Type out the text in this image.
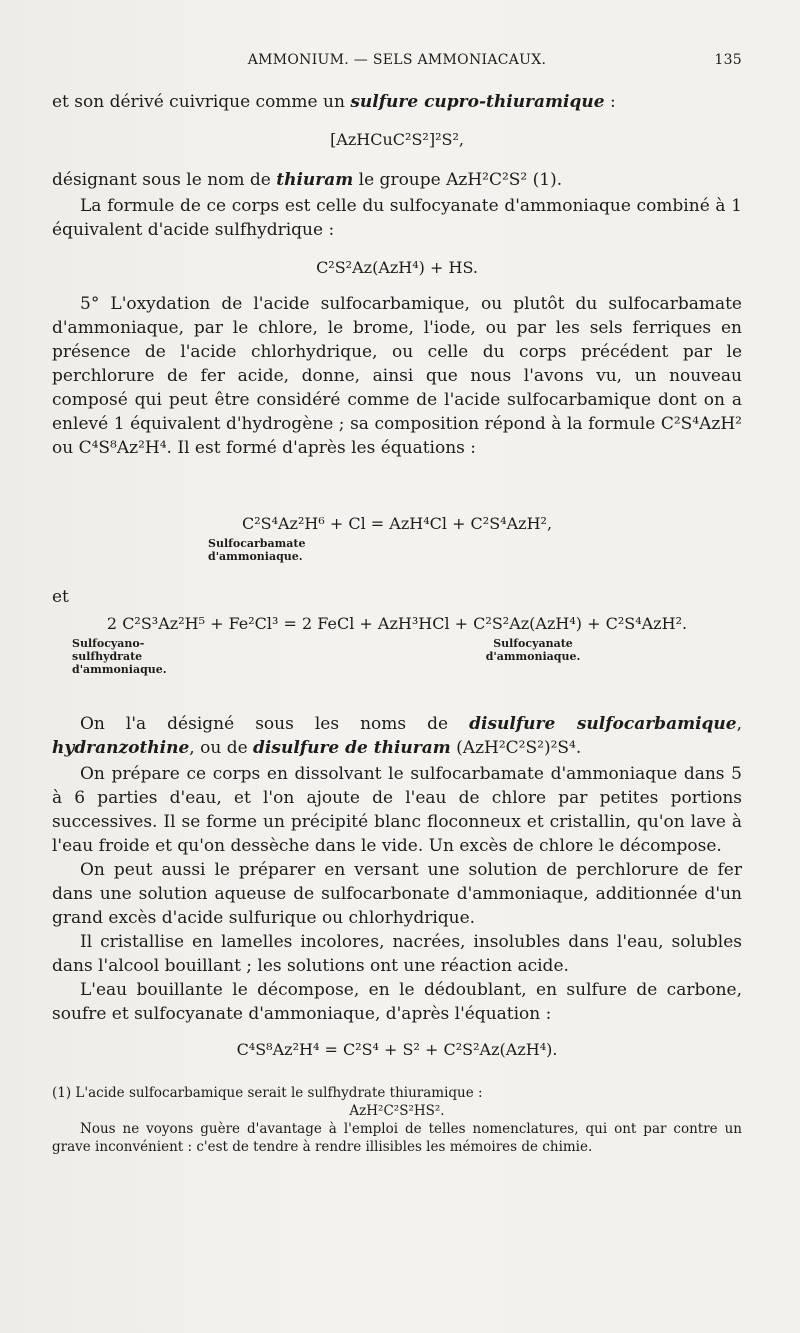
AMMONIUM. — SELS AMMONIACAUX.	135
et son dérivé cuivrique comme un sulfure cupro-thiuramique :
[AzHCuC²S²]²S²,
désignant sous le nom de thiuram le groupe AzH²C²S² (1).
La formule de ce corps est celle du sulfocyanate d'ammoniaque combiné à 1 équivalent d'acide sulfhydrique :
C²S²Az(AzH⁴) + HS.
5° L'oxydation de l'acide sulfocarbamique, ou plutôt du sulfocarbamate d'ammoniaque, par le chlore, le brome, l'iode, ou par les sels ferriques en présence de l'acide chlorhydrique, ou celle du corps précédent par le perchlorure de fer acide, donne, ainsi que nous l'avons vu, un nouveau composé qui peut être considéré comme de l'acide sulfocarbamique dont on a enlevé 1 équivalent d'hydrogène ; sa composition répond à la formule C²S⁴AzH² ou C⁴S⁸Az²H⁴. Il est formé d'après les équations :
C²S⁴Az²H⁶ + Cl = AzH⁴Cl + C²S⁴AzH²,
Sulfocarbamate d'ammoniaque.
et
2 C²S³Az²H⁵ + Fe²Cl³ = 2 FeCl + AzH³HCl + C²S²Az(AzH⁴) + C²S⁴AzH².
Sulfocyano-sulfhydrate d'ammoniaque.
Sulfocyanate d'ammoniaque.
On l'a désigné sous les noms de disulfure sulfocarbamique, hydranzothine, ou de disulfure de thiuram (AzH²C²S²)²S⁴.
On prépare ce corps en dissolvant le sulfocarbamate d'ammoniaque dans 5 à 6 parties d'eau, et l'on ajoute de l'eau de chlore par petites portions successives. Il se forme un précipité blanc floconneux et cristallin, qu'on lave à l'eau froide et qu'on dessèche dans le vide. Un excès de chlore le décompose.
On peut aussi le préparer en versant une solution de perchlorure de fer dans une solution aqueuse de sulfocarbonate d'ammoniaque, additionnée d'un grand excès d'acide sulfurique ou chlorhydrique.
Il cristallise en lamelles incolores, nacrées, insolubles dans l'eau, solubles dans l'alcool bouillant ; les solutions ont une réaction acide.
L'eau bouillante le décompose, en le dédoublant, en sulfure de carbone, soufre et sulfocyanate d'ammoniaque, d'après l'équation :
C⁴S⁸Az²H⁴ = C²S⁴ + S² + C²S²Az(AzH⁴).
(1) L'acide sulfocarbamique serait le sulfhydrate thiuramique :
AzH²C²S²HS².
Nous ne voyons guère d'avantage à l'emploi de telles nomenclatures, qui ont par contre un grave inconvénient : c'est de tendre à rendre illisibles les mémoires de chimie.
